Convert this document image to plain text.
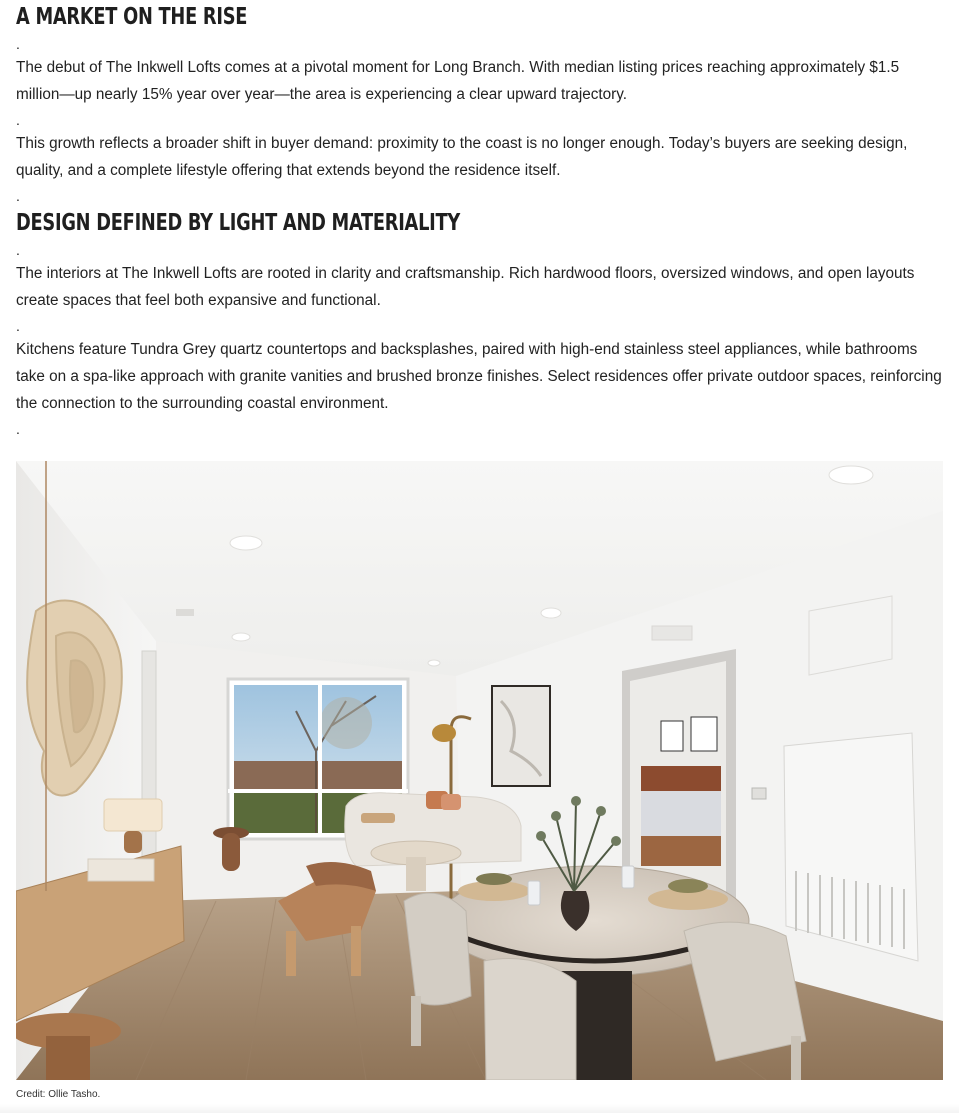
A MARKET ON THE RISE
.

The debut of The Inkwell Lofts comes at a pivotal moment for Long Branch. With median listing prices reaching approximately $1.5 million—up nearly 15% year over year—the area is experiencing a clear upward trajectory.

.

This growth reflects a broader shift in buyer demand: proximity to the coast is no longer enough. Today’s buyers are seeking design, quality, and a complete lifestyle offering that extends beyond the residence itself.

.
DESIGN DEFINED BY LIGHT AND MATERIALITY
.

The interiors at The Inkwell Lofts are rooted in clarity and craftsmanship. Rich hardwood floors, oversized windows, and open layouts create spaces that feel both expansive and functional.

.

Kitchens feature Tundra Grey quartz countertops and backsplashes, paired with high-end stainless steel appliances, while bathrooms take on a spa-like approach with granite vanities and brushed bronze finishes. Select residences offer private outdoor spaces, reinforcing the connection to the surrounding coastal environment.

.
Credit: Ollie Tasho.
